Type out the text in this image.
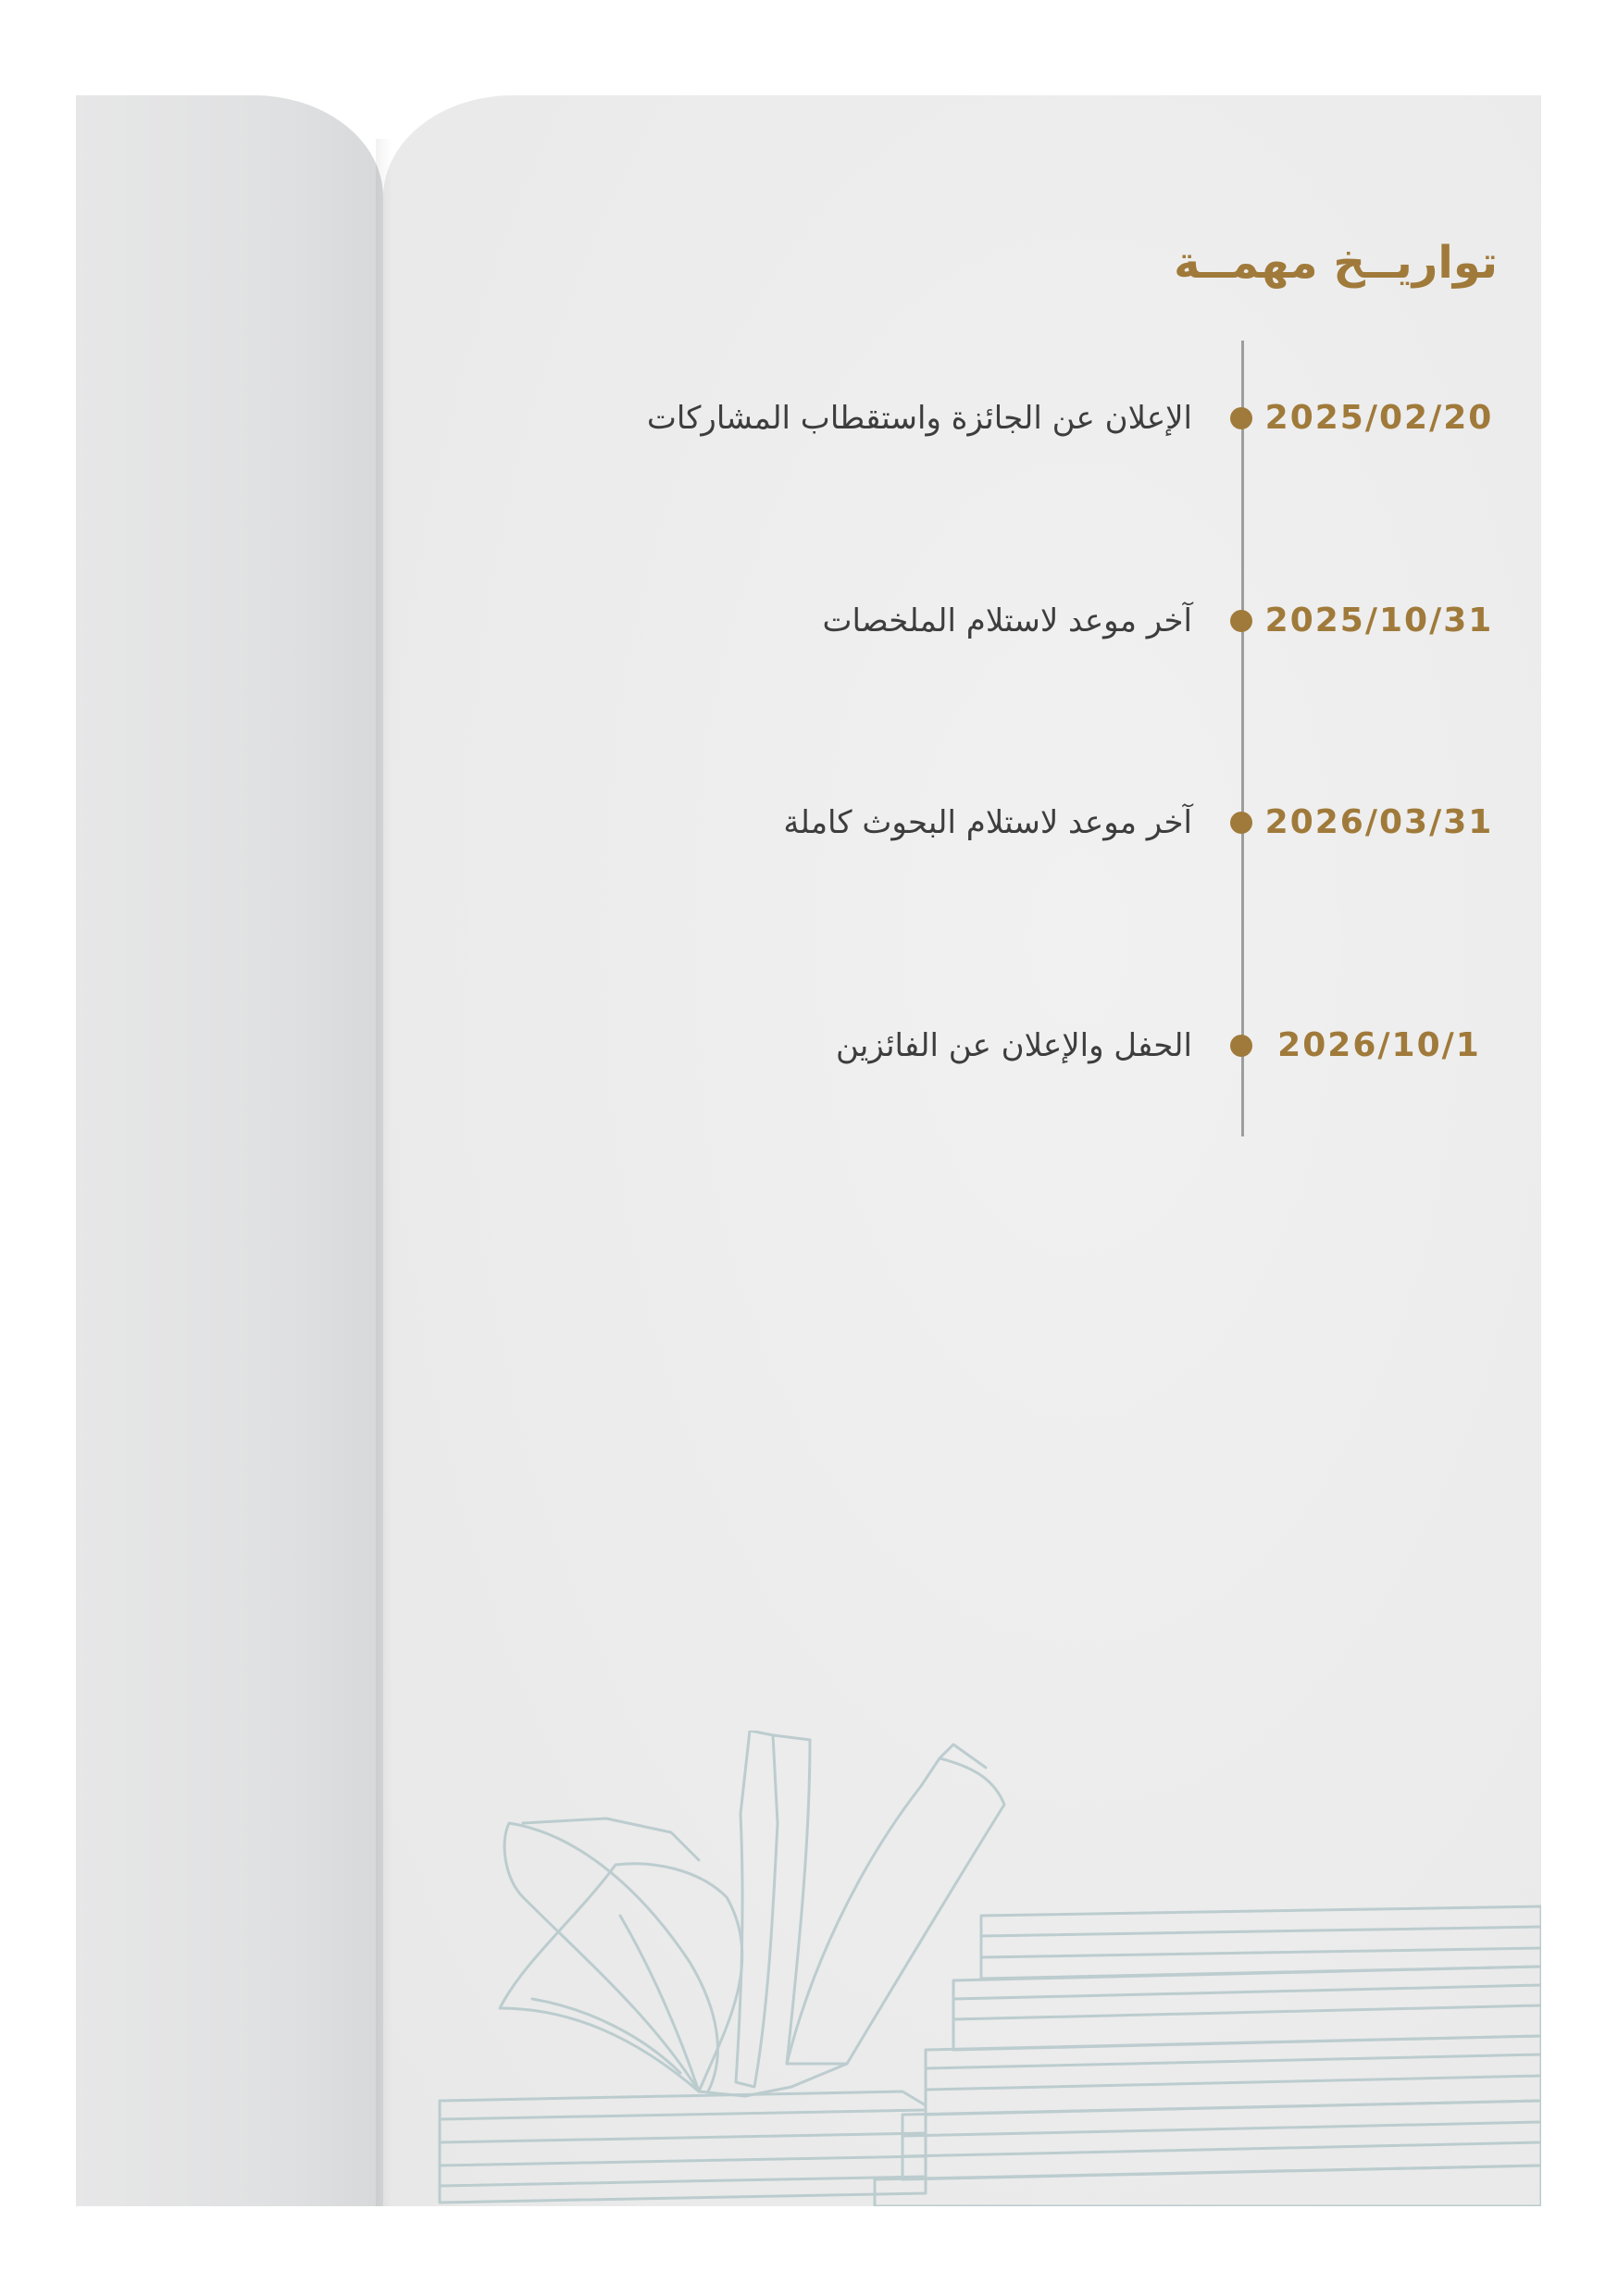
تواريــخ مهمــة
2025/02/20
الإعلان عن الجائزة واستقطاب المشاركات
2025/10/31
آخر موعد لاستلام الملخصات
2026/03/31
آخر موعد لاستلام البحوث كاملة
2026/10/1
الحفل والإعلان عن الفائزين
